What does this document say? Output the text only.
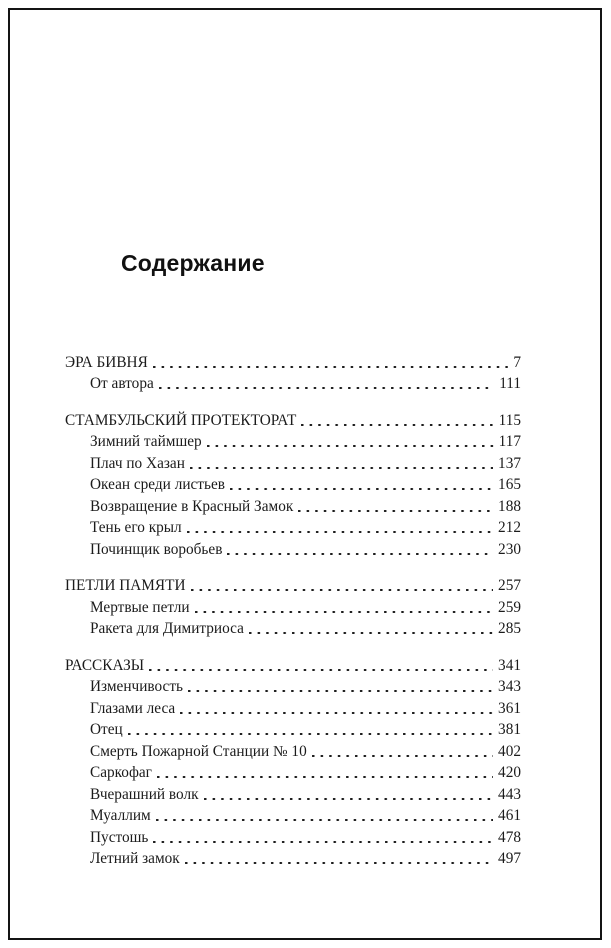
Содержание
ЭРА БИВНЯ	7
От автора	111
СТАМБУЛЬСКИЙ ПРОТЕКТОРАТ	115
Зимний таймшер	117
Плач по Хазан	137
Океан среди листьев	165
Возвращение в Красный Замок	188
Тень его крыл	212
Починщик воробьев	230
ПЕТЛИ ПАМЯТИ	257
Мертвые петли	259
Ракета для Димитриоса	285
РАССКАЗЫ	341
Изменчивость	343
Глазами леса	361
Отец	381
Смерть Пожарной Станции № 10	402
Саркофаг	420
Вчерашний волк	443
Муаллим	461
Пустошь	478
Летний замок	497
